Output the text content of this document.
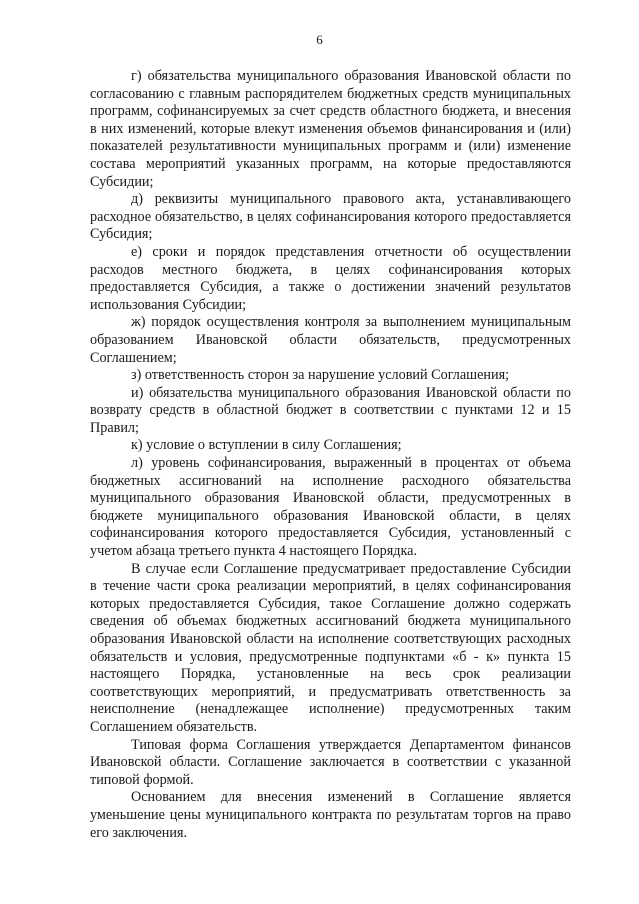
6

г) обязательства муниципального образования Ивановской области по согласованию с главным распорядителем бюджетных средств муниципальных программ, софинансируемых за счет средств областного бюджета, и внесения в них изменений, которые влекут изменения объемов финансирования и (или) показателей результативности муниципальных программ и (или) изменение состава мероприятий указанных программ, на которые предоставляются Субсидии;

д) реквизиты муниципального правового акта, устанавливающего расходное обязательство, в целях софинансирования которого предоставляется Субсидия;

е) сроки и порядок представления отчетности об осуществлении расходов местного бюджета, в целях софинансирования которых предоставляется Субсидия, а также о достижении значений результатов использования Субсидии;

ж) порядок осуществления контроля за выполнением муниципальным образованием Ивановской области обязательств, предусмотренных Соглашением;

з) ответственность сторон за нарушение условий Соглашения;

и) обязательства муниципального образования Ивановской области по возврату средств в областной бюджет в соответствии с пунктами 12 и 15 Правил;

к) условие о вступлении в силу Соглашения;

л) уровень софинансирования, выраженный в процентах от объема бюджетных ассигнований на исполнение расходного обязательства муниципального образования Ивановской области, предусмотренных в бюджете муниципального образования Ивановской области, в целях софинансирования которого предоставляется Субсидия, установленный с учетом абзаца третьего пункта 4 настоящего Порядка.

В случае если Соглашение предусматривает предоставление Субсидии в течение части срока реализации мероприятий, в целях софинансирования которых предоставляется Субсидия, такое Соглашение должно содержать сведения об объемах бюджетных ассигнований бюджета муниципального образования Ивановской области на исполнение соответствующих расходных обязательств и условия, предусмотренные подпунктами «б - к» пункта 15 настоящего Порядка, установленные на весь срок реализации соответствующих мероприятий, и предусматривать ответственность за неисполнение (ненадлежащее исполнение) предусмотренных таким Соглашением обязательств.

Типовая форма Соглашения утверждается Департаментом финансов Ивановской области. Соглашение заключается в соответствии с указанной типовой формой.

Основанием для внесения изменений в Соглашение является уменьшение цены муниципального контракта по результатам торгов на право его заключения.
